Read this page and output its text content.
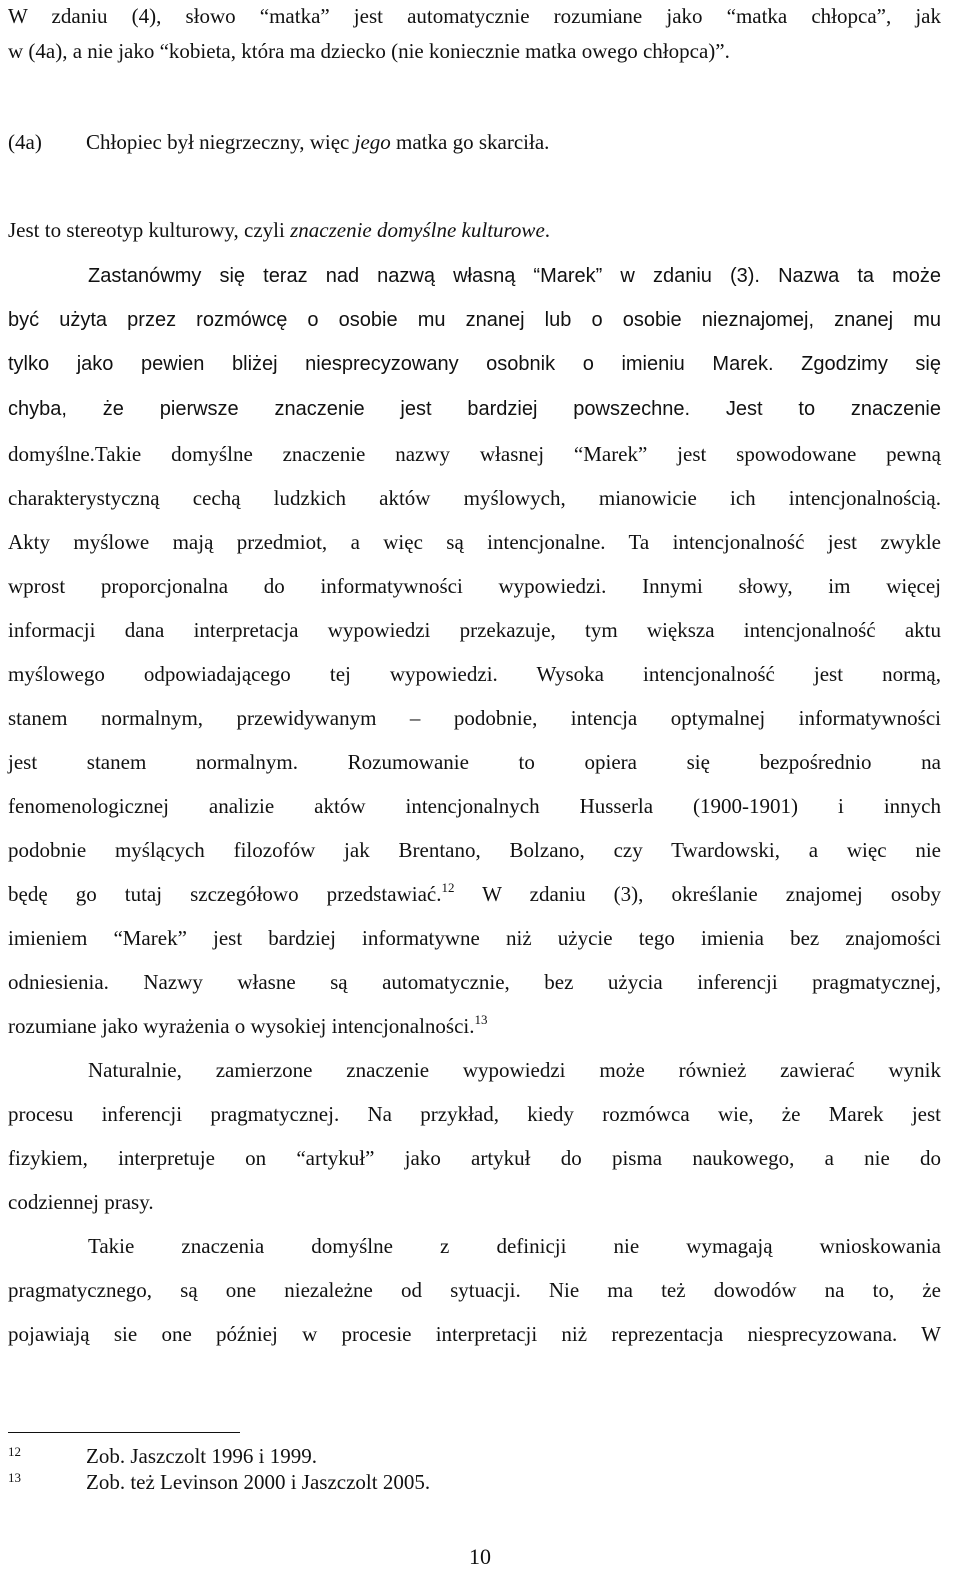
W zdaniu (4), słowo “matka” jest automatycznie rozumiane jako “matka chłopca”, jak
w (4a), a nie jako “kobieta, która ma dziecko (nie koniecznie matka owego chłopca)”.
(4a) Chłopiec był niegrzeczny, więc jego matka go skarciła.
Jest to stereotyp kulturowy, czyli znaczenie domyślne kulturowe.
Zastanówmy się teraz nad nazwą własną “Marek” w zdaniu (3). Nazwa ta może
być użyta przez rozmówcę o osobie mu znanej lub o osobie nieznajomej, znanej mu
tylko jako pewien bliżej niesprecyzowany osobnik o imieniu Marek. Zgodzimy się
chyba, że pierwsze znaczenie jest bardziej powszechne. Jest to znaczenie
domyślne.Takie domyślne znaczenie nazwy własnej “Marek” jest spowodowane pewną
charakterystyczną cechą ludzkich aktów myślowych, mianowicie ich intencjonalnością.
Akty myślowe mają przedmiot, a więc są intencjonalne. Ta intencjonalność jest zwykle
wprost proporcjonalna do informatywności wypowiedzi. Innymi słowy, im więcej
informacji dana interpretacja wypowiedzi przekazuje, tym większa intencjonalność aktu
myślowego odpowiadającego tej wypowiedzi. Wysoka intencjonalność jest normą,
stanem normalnym, przewidywanym – podobnie, intencja optymalnej informatywności
jest stanem normalnym. Rozumowanie to opiera się bezpośrednio na
fenomenologicznej analizie aktów intencjonalnych Husserla (1900-1901) i innych
podobnie myślących filozofów jak Brentano, Bolzano, czy Twardowski, a więc nie
będę go tutaj szczegółowo przedstawiać.$^{12}$ W zdaniu (3), określanie znajomej osoby
imieniem “Marek” jest bardziej informatywne niż użycie tego imienia bez znajomości
odniesienia. Nazwy własne są automatycznie, bez użycia inferencji pragmatycznej,
rozumiane jako wyrażenia o wysokiej intencjonalności.$^{13}$
Naturalnie, zamierzone znaczenie wypowiedzi może również zawierać wynik
procesu inferencji pragmatycznej. Na przykład, kiedy rozmówca wie, że Marek jest
fizykiem, interpretuje on “artykuł” jako artykuł do pisma naukowego, a nie do
codziennej prasy.
Takie znaczenia domyślne z definicji nie wymagają wnioskowania
pragmatycznego, są one niezależne od sytuacji. Nie ma też dowodów na to, że
pojawiają sie one później w procesie interpretacji niż reprezentacja niesprecyzowana. W
12	Zob. Jaszczolt 1996 i 1999.
13	Zob. też Levinson 2000 i Jaszczolt 2005.
10
